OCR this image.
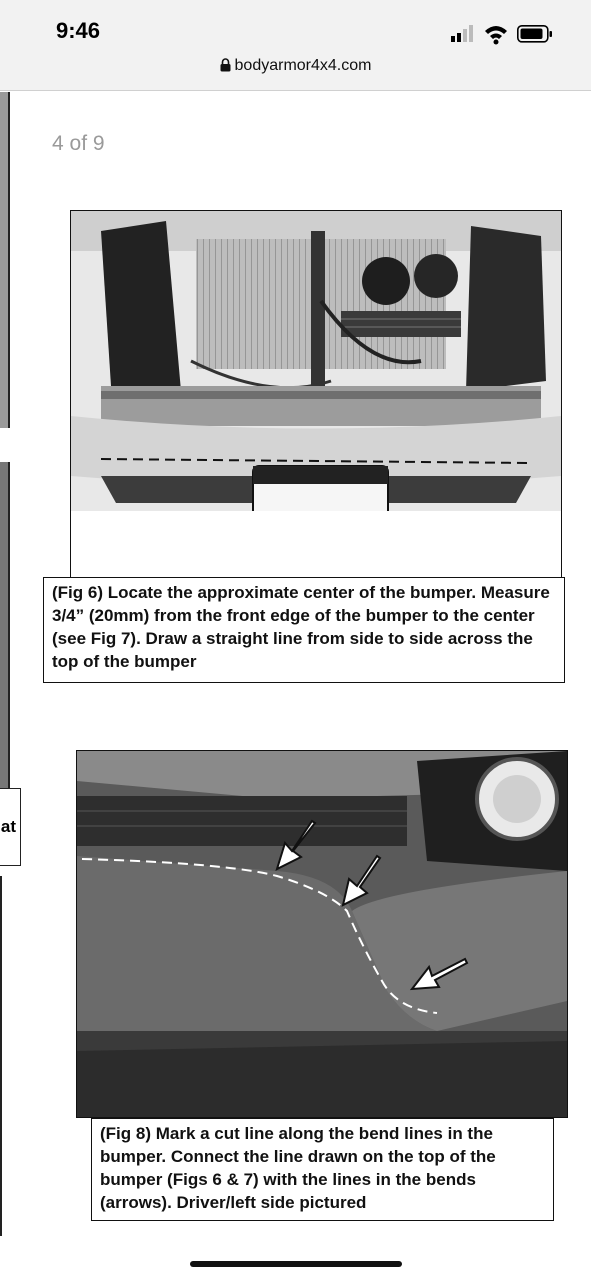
9:46
bodyarmor4x4.com
4 of 9
at
(Fig 6) Locate the approximate center of the bumper. Measure 3/4” (20mm) from the front edge of the bumper to the center (see Fig 7). Draw a straight line from side to side across the top of the bumper
(Fig 8) Mark a cut line along the bend lines in the bumper. Connect the line drawn on the top of the bumper (Figs 6 & 7) with the lines in the bends (arrows). Driver/left side pictured
